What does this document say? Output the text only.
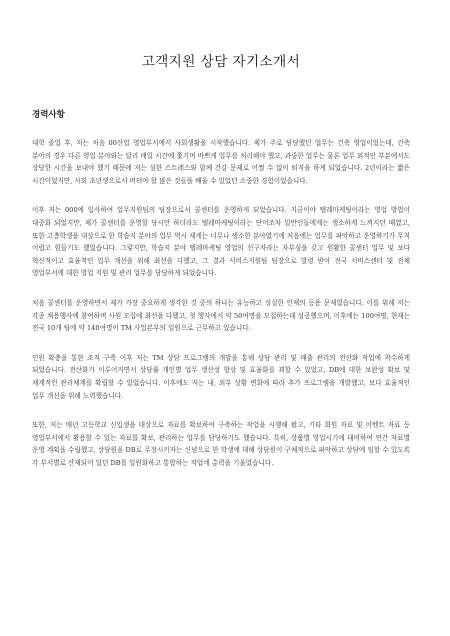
고객지원 상담 자기소개서
경력사항

대학 졸업 후, 저는 처음 00산업 영업부서에서 사회생활을 시작했습니다. 제가 주로 담당했던 업무는 건축 영업이었는데, 건축 분야의 경우 다른 영업 분야와는 달리 매일 시간에 쫓기며 바쁘게 업무를 처리해야 했고, 과중한 업무는 물론 업무 외적인 부분에서도 상당한 시간을 보내야 했기 때문에 저는 심한 스트레스와 함께 건강 문제로 어쩔 수 없이 퇴직을 하게 되었습니다. 2년이라는 짧은 시간이었지만, 사회 초년생으로서 버텨야 할 많은 것들을 배울 수 있었던 소중한 경험이었습니다.

이후 저는 000에 입사하여 업무지원팀의 팀장으로서 콜센터를 운영하게 되었습니다. 지금이야 텔레마케팅이라는 영업 방법이 대중화 되었지만, 제가 콜센터를 운영할 당시만 하더라도 텔레마케팅이라는 단어조차 일반인들에게는 생소하게 느껴지던 때였고, 또한 고층학생을 대상으로 한 학습지 분야의 업무 역시 제게는 너무나 생소한 분야였기에 처음에는 업무를 파악하고 운영하기가 무척 어렵고 힘들기도 했었습니다. 그렇지만, 학습지 분야 텔레마케팅 영업의 선구자라는 자부심을 갖고 원활한 콜센터 업무 및 보다 혁신적이고 효율적인 업무 개선을 위해 최선을 다했고, 그 결과 서비스지원팀 팀장으로 발령 받아 전국 서비스센터 및 전체 영업부서에 대한 영업 지원 및 관리 업무를 담당하게 되었습니다.

처음 콜센터를 운영하면서 제가 가장 중요하게 생각한 것 중의 하나는 유능하고 성실한 인재의 등용 문제였습니다. 이를 위해 저는 각종 채용행사에 참여하며 사원 모집에 최선을 다했고, 첫 행사에서 약 50여명을 모집하는데 성공했으며, 이후에는 100여명, 현재는 전국 10개 팀에 약 140여명이 TM 사업본부의 일원으로 근무하고 있습니다.

인원 확충을 통한 조직 구축 이후 저는 TM 상담 프로그램의 개발을 통해 상담 관리 및 매출 관리의 전산화 작업에 착수하게 되었습니다. 전산화가 이루어지면서 상담률 개인별 업무 생산성 향상 및 효율화를 꾀할 수 있었고, DB에 대한 보완성 확보 및 체계적인 관리체계를 확립할 수 있었습니다. 이후에도 저는 내, 외부 상황 변화에 따라 추가 프로그램을 개발했고, 보다 효율적인 업무 개선을 위해 노력했습니다.

또한, 저는 매년 고등학교 신입생을 대상으로 자료를 확보하여 구축하는 작업을 시행해 왔고, 기타 회원 자료 및 이벤트 자료 등 영업부서에서 활용할 수 있는 자료를 확보, 관리하는 업무를 담당하기도 했습니다. 특히, 상품별 영업시기에 대비하여 연간 자료별 운영 계획을 수립했고, 상담원을 DB로 무장시키자는 신념으로 한 학생에 대해 상담원이 구체적으로 파악하고 상담에 임할 수 있도록 각 부서별로 산재되어 있던 DB를 일원화하고 통합하는 작업에 총력을 기울였습니다.
